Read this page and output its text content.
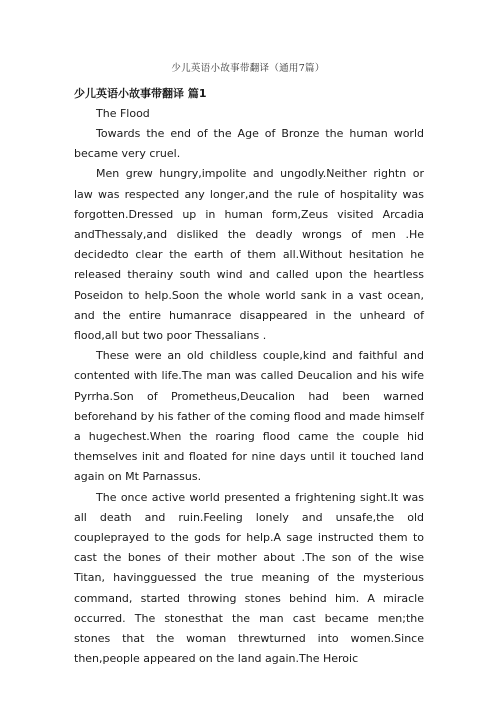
少儿英语小故事带翻译（通用7篇）

少儿英语小故事带翻译 篇1

The Flood

Towards the end of the Age of Bronze the human world became very cruel.

Men grew hungry,impolite and ungodly.Neither rightn or law was respected any longer,and the rule of hospitality was forgotten.Dressed up in human form,Zeus visited Arcadia andThessaly,and disliked the deadly wrongs of men .He decidedto clear the earth of them all.Without hesitation he released therainy south wind and called upon the heartless Poseidon to help.Soon the whole world sank in a vast ocean, and the entire humanrace disappeared in the unheard of flood,all but two poor Thessalians .

These were an old childless couple,kind and faithful and contented with life.The man was called Deucalion and his wife Pyrrha.Son of Prometheus,Deucalion had been warned beforehand by his father of the coming flood and made himself a hugechest.When the roaring flood came the couple hid themselves init and floated for nine days until it touched land again on Mt Parnassus.

The once active world presented a frightening sight.It was all death and ruin.Feeling lonely and unsafe,the old coupleprayed to the gods for help.A sage instructed them to cast the bones of their mother about .The son of the wise Titan, havingguessed the true meaning of the mysterious command, started throwing stones behind him. A miracle occurred. The stonesthat the man cast became men;the stones that the woman threwturned into women.Since then,people appeared on the land again.The Heroic
